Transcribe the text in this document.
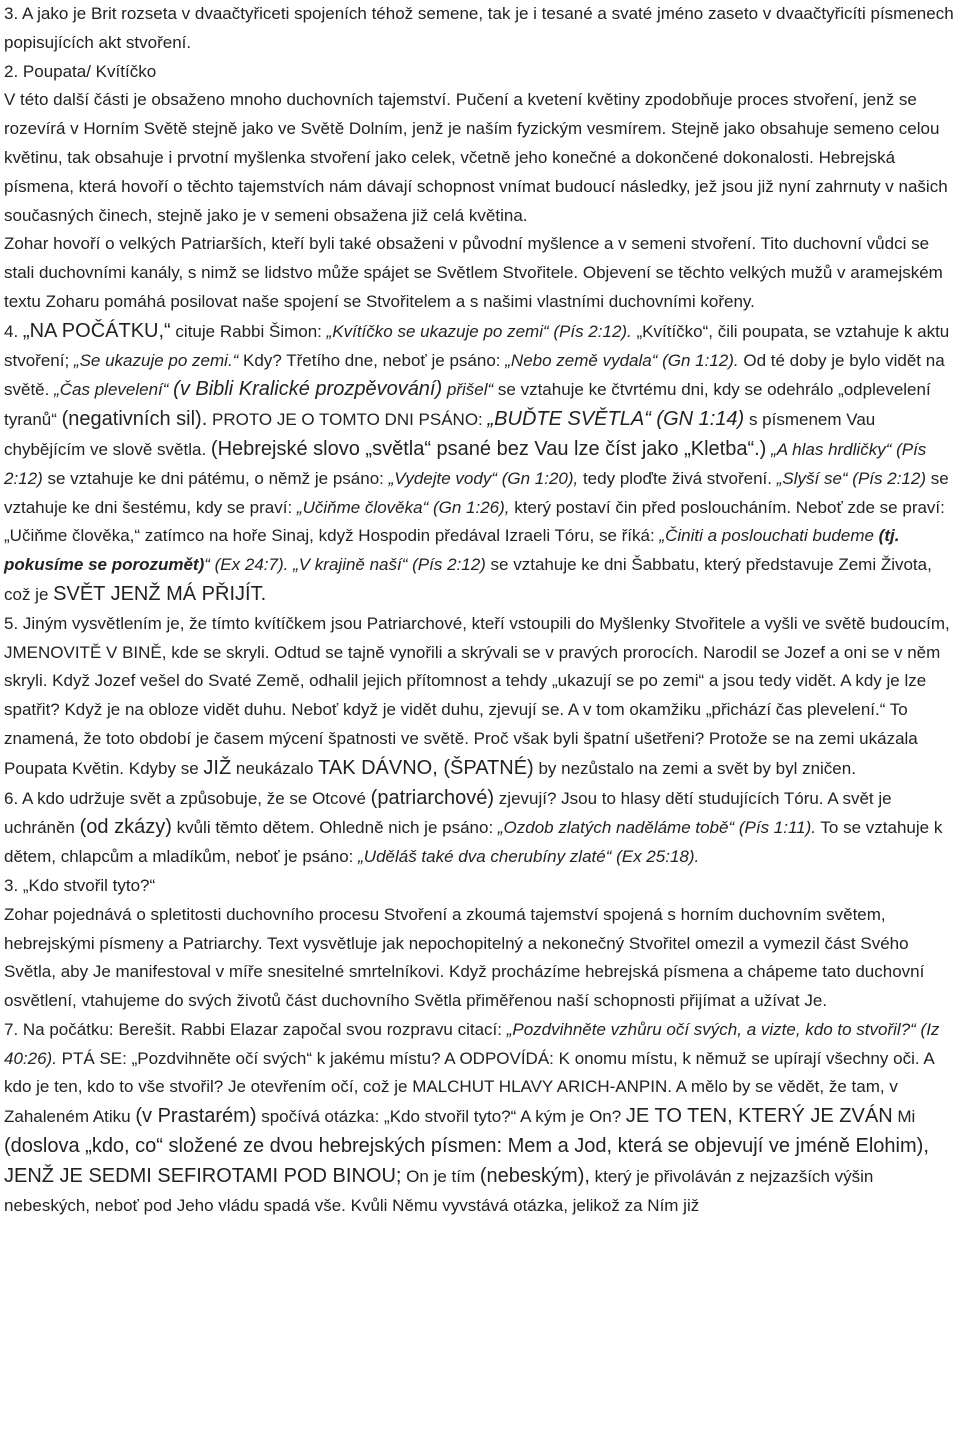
3. A jako je Brit rozseta v dvaačtyřiceti spojeních téhož semene, tak je i tesané a svaté jméno zaseto v dvaačtyřicíti písmenech popisujících akt stvoření.

2. Poupata/ Kvítíčko

V této další části je obsaženo mnoho duchovních tajemství. Pučení a kvetení květiny zpodobňuje proces stvoření, jenž se rozevírá v Horním Světě stejně jako ve Světě Dolním, jenž je naším fyzickým vesmírem. Stejně jako obsahuje semeno celou květinu, tak obsahuje i prvotní myšlenka stvoření jako celek, včetně jeho konečné a dokončené dokonalosti. Hebrejská písmena, která hovoří o těchto tajemstvích nám dávají schopnost vnímat budoucí následky, jež jsou již nyní zahrnuty v našich současných činech, stejně jako je v semeni obsažena již celá květina.

Zohar hovoří o velkých Patriarších, kteří byli také obsaženi v původní myšlence a v semeni stvoření. Tito duchovní vůdci se stali duchovními kanály, s nimž se lidstvo může spájet se Světlem Stvořitele. Objevení se těchto velkých mužů v aramejském textu Zoharu pomáhá posilovat naše spojení se Stvořitelem a s našimi vlastními duchovními kořeny.

4. „NA POČÁTKU,“ cituje Rabbi Šimon: „Kvítíčko se ukazuje po zemi“ (Pís 2:12). „Kvítíčko“, čili poupata, se vztahuje k aktu stvoření; „Se ukazuje po zemi.“ Kdy? Třetího dne, neboť je psáno: „Nebo země vydala“ (Gn 1:12). Od té doby je bylo vidět na světě. „Čas plevelení“ (v Bibli Kralické prozpěvování) přišel“ se vztahuje ke čtvrtému dni, kdy se odehrálo „odplevelení tyranů“ (negativních sil). PROTO JE O TOMTO DNI PSÁNO: „BUĎTE SVĚTLA“ (GN 1:14) s písmenem Vau chybějícím ve slově světla. (Hebrejské slovo „světla“ psané bez Vau lze číst jako „Kletba“.) „A hlas hrdličky“ (Pís 2:12) se vztahuje ke dni pátému, o němž je psáno: „Vydejte vody“ (Gn 1:20), tedy ploďte živá stvoření. „Slyší se“ (Pís 2:12) se vztahuje ke dni šestému, kdy se praví: „Učiňme člověka“ (Gn 1:26), který postaví čin před posloucháním. Neboť zde se praví: „Učiňme člověka,“ zatímco na hoře Sinaj, když Hospodin předával Izraeli Tóru, se říká: „Činiti a poslouchati budeme (tj. pokusíme se porozumět)“ (Ex 24:7). „V krajině naší“ (Pís 2:12) se vztahuje ke dni Šabbatu, který představuje Zemi Života, což je SVĚT JENŽ MÁ PŘIJÍT.

5. Jiným vysvětlením je, že tímto kvítíčkem jsou Patriarchové, kteří vstoupili do Myšlenky Stvořitele a vyšli ve světě budoucím, JMENOVITĚ V BINĚ, kde se skryli. Odtud se tajně vynořili a skrývali se v pravých prorocích. Narodil se Jozef a oni se v něm skryli. Když Jozef vešel do Svaté Země, odhalil jejich přítomnost a tehdy „ukazují se po zemi“ a jsou tedy vidět. A kdy je lze spatřit? Když je na obloze vidět duhu. Neboť když je vidět duhu, zjevují se. A v tom okamžiku „přichází čas plevelení.“ To znamená, že toto období je časem mýcení špatnosti ve světě. Proč však byli špatní ušetřeni? Protože se na zemi ukázala Poupata Květin. Kdyby se JIŽ neukázalo TAK DÁVNO, (ŠPATNÉ) by nezůstalo na zemi a svět by byl zničen.

6. A kdo udržuje svět a způsobuje, že se Otcové (patriarchové) zjevují? Jsou to hlasy dětí studujících Tóru. A svět je uchráněn (od zkázy) kvůli těmto dětem. Ohledně nich je psáno: „Ozdob zlatých naděláme tobě“ (Pís 1:11). To se vztahuje k dětem, chlapcům a mladíkům, neboť je psáno: „Uděláš také dva cherubíny zlaté“ (Ex 25:18).

3. „Kdo stvořil tyto?“

Zohar pojednává o spletitosti duchovního procesu Stvoření a zkoumá tajemství spojená s horním duchovním světem, hebrejskými písmeny a Patriarchy. Text vysvětluje jak nepochopitelný a nekonečný Stvořitel omezil a vymezil část Svého Světla, aby Je manifestoval v míře snesitelné smrtelníkovi. Když procházíme hebrejská písmena a chápeme tato duchovní osvětlení, vtahujeme do svých životů část duchovního Světla přiměřenou naší schopnosti přijímat a užívat Je.

7. Na počátku: Berešit. Rabbi Elazar započal svou rozpravu citací: „Pozdvihněte vzhůru očí svých, a vizte, kdo to stvořil?“ (Iz 40:26). PTÁ SE: „Pozdvihněte očí svých“ k jakému místu? A ODPOVÍDÁ: K onomu místu, k němuž se upírají všechny oči. A kdo je ten, kdo to vše stvořil? Je otevřením očí, což je MALCHUT HLAVY ARICH-ANPIN. A mělo by se vědět, že tam, v Zahaleném Atiku (v Prastarém) spočívá otázka: „Kdo stvořil tyto?“ A kým je On? JE TO TEN, KTERÝ JE ZVÁN Mi (doslova „kdo, co“ složené ze dvou hebrejských písmen: Mem a Jod, která se objevují ve jméně Elohim), JENŽ JE SEDMI SEFIROTAMI POD BINOU; On je tím (nebeským), který je přivoláván z nejzazších výšin nebeských, neboť pod Jeho vládu spadá vše. Kvůli Němu vyvstává otázka, jelikož za Ním již
